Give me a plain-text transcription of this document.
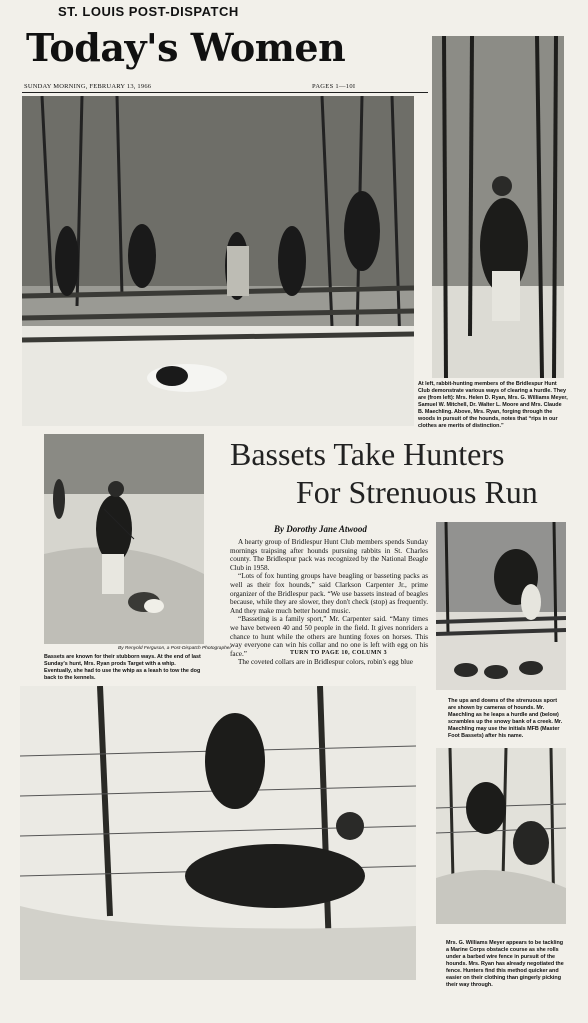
ST. LOUIS POST-DISPATCH
Today's Women
SUNDAY MORNING, FEBRUARY 13, 1966	PAGES 1—10I
At left, rabbit-hunting members of the Bridlespur Hunt Club demonstrate various ways of clearing a hurdle. They are (from left): Mrs. Helen D. Ryan, Mrs. G. Williams Meyer, Samuel W. Mitchell, Dr. Walter L. Moore and Mrs. Claude B. Maechling. Above, Mrs. Ryan, forging through the woods in pursuit of the hounds, notes that “rips in our clothes are merits of distinction.”
Bassets Take Hunters
For Strenuous Run
By Dorothy Jane Atwood

A hearty group of Bridlespur Hunt Club members spends Sunday mornings traipsing after hounds pursuing rabbits in St. Charles county. The Bridlespur pack was recognized by the National Beagle Club in 1958.

“Lots of fox hunting groups have beagling or basseting packs as well as their fox hounds,” said Clarkson Carpenter Jr., prime organizer of the Bridlespur pack. “We use bassets instead of beagles because, while they are slower, they don't check (stop) as frequently. And they make much better hound music.

“Basseting is a family sport,” Mr. Carpenter said. “Many times we have between 40 and 50 people in the field. It gives nonriders a chance to hunt while the others are hunting foxes on horses. This way everyone can win his collar and no one is left with egg on his face.”

The coveted collars are in Bridlespur colors, robin's egg blue

TURN TO PAGE 10, COLUMN 3
By Renyold Ferguson, a Post-Dispatch Photographer
Bassets are known for their stubborn ways. At the end of last Sunday's hunt, Mrs. Ryan prods Target with a whip. Eventually, she had to use the whip as a leash to tow the dog back to the kennels.
The ups and downs of the strenuous sport are shown by cameras of hounds. Mr. Maechling as he leaps a hurdle and (below) scrambles up the snowy bank of a creek. Mr. Maechling may use the initials MFB (Master Foot Bassets) after his name.
Mrs. G. Williams Meyer appears to be tackling a Marine Corps obstacle course as she rolls under a barbed wire fence in pursuit of the hounds. Mrs. Ryan has already negotiated the fence. Hunters find this method quicker and easier on their clothing than gingerly picking their way through.
